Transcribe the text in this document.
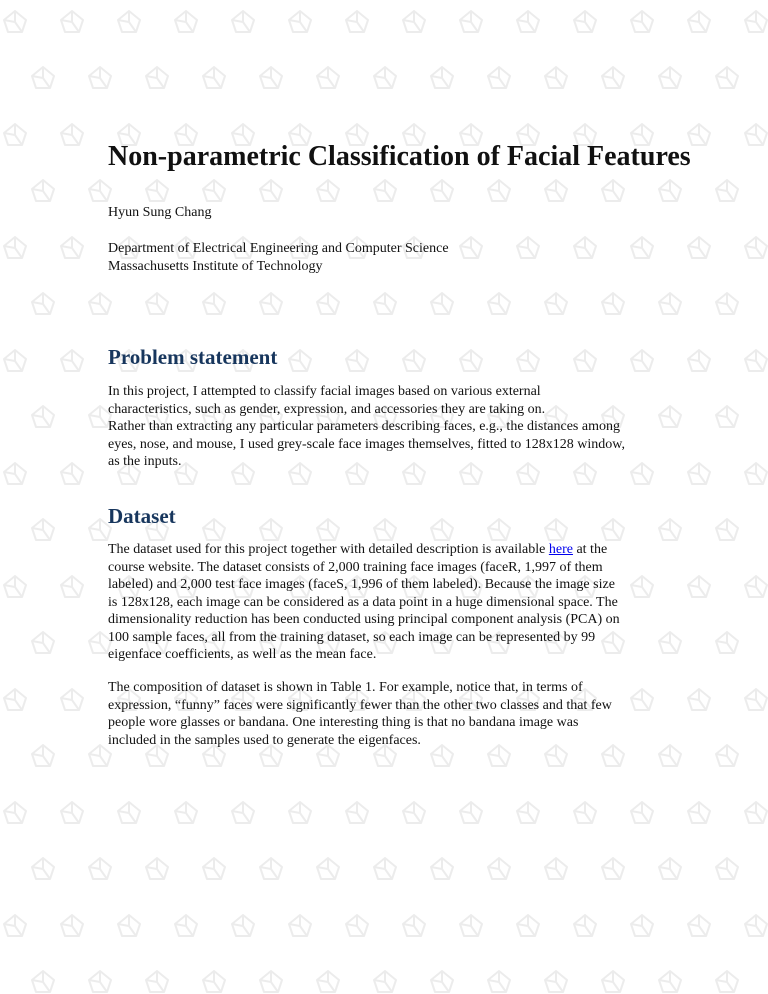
Non-parametric Classification of Facial Features

Hyun Sung Chang

Department of Electrical Engineering and Computer Science
Massachusetts Institute of Technology

Problem statement

In this project, I attempted to classify facial images based on various external
characteristics, such as gender, expression, and accessories they are taking on.
Rather than extracting any particular parameters describing faces, e.g., the distances among
eyes, nose, and mouse, I used grey-scale face images themselves, fitted to 128x128 window,
as the inputs.

Dataset

The dataset used for this project together with detailed description is available here at the
course website. The dataset consists of 2,000 training face images (faceR, 1,997 of them
labeled) and 2,000 test face images (faceS, 1,996 of them labeled). Because the image size
is 128x128, each image can be considered as a data point in a huge dimensional space. The
dimensionality reduction has been conducted using principal component analysis (PCA) on
100 sample faces, all from the training dataset, so each image can be represented by 99
eigenface coefficients, as well as the mean face.

The composition of dataset is shown in Table 1. For example, notice that, in terms of
expression, “funny” faces were significantly fewer than the other two classes and that few
people wore glasses or bandana. One interesting thing is that no bandana image was
included in the samples used to generate the eigenfaces.
